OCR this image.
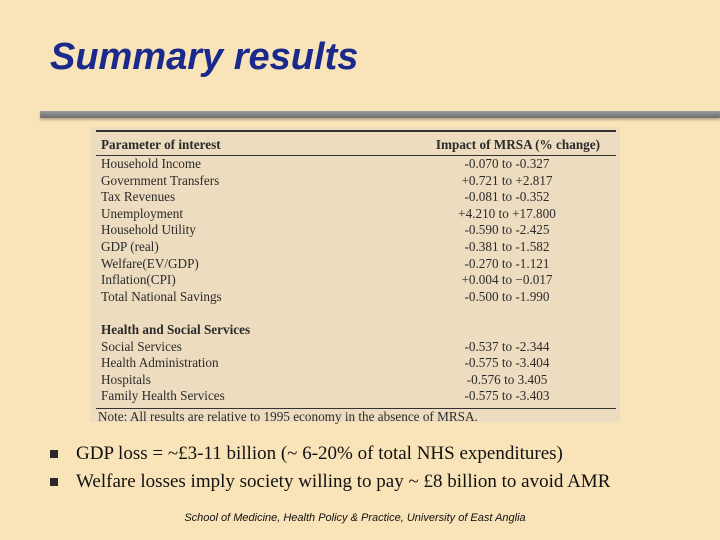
Summary results
Parameter of interest	Impact of MRSA (% change)
Household Income	-0.070 to -0.327
Government Transfers	+0.721 to +2.817
Tax Revenues	-0.081 to -0.352
Unemployment	+4.210 to +17.800
Household Utility	-0.590 to -2.425
GDP (real)	-0.381 to -1.582
Welfare(EV/GDP)	-0.270 to -1.121
Inflation(CPI)	+0.004 to −0.017
Total National Savings	-0.500 to -1.990
Health and Social Services
Social Services	-0.537 to -2.344
Health Administration	-0.575 to -3.404
Hospitals	-0.576 to 3.405
Family Health Services	-0.575 to -3.403
Note: All results are relative to 1995 economy in the absence of MRSA.
GDP loss = ~£3-11 billion (~ 6-20% of total NHS expenditures)
Welfare losses imply society willing to pay ~ £8 billion to avoid AMR
School of Medicine, Health Policy & Practice, University of East Anglia
